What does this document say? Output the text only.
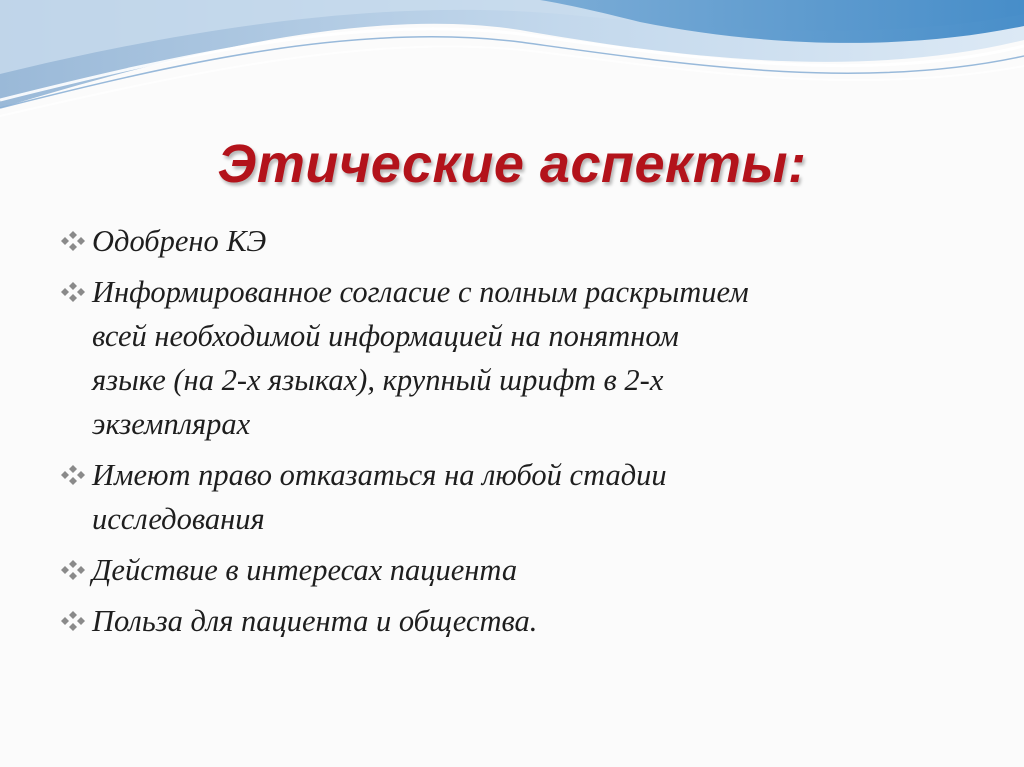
Этические аспекты:
Одобрено КЭ
Информированное согласие с полным раскрытием
всей необходимой информацией на понятном
языке (на 2-х языках), крупный шрифт в 2-х
экземплярах
Имеют право отказаться на любой стадии
исследования
Действие в интересах пациента
Польза для пациента и общества.
